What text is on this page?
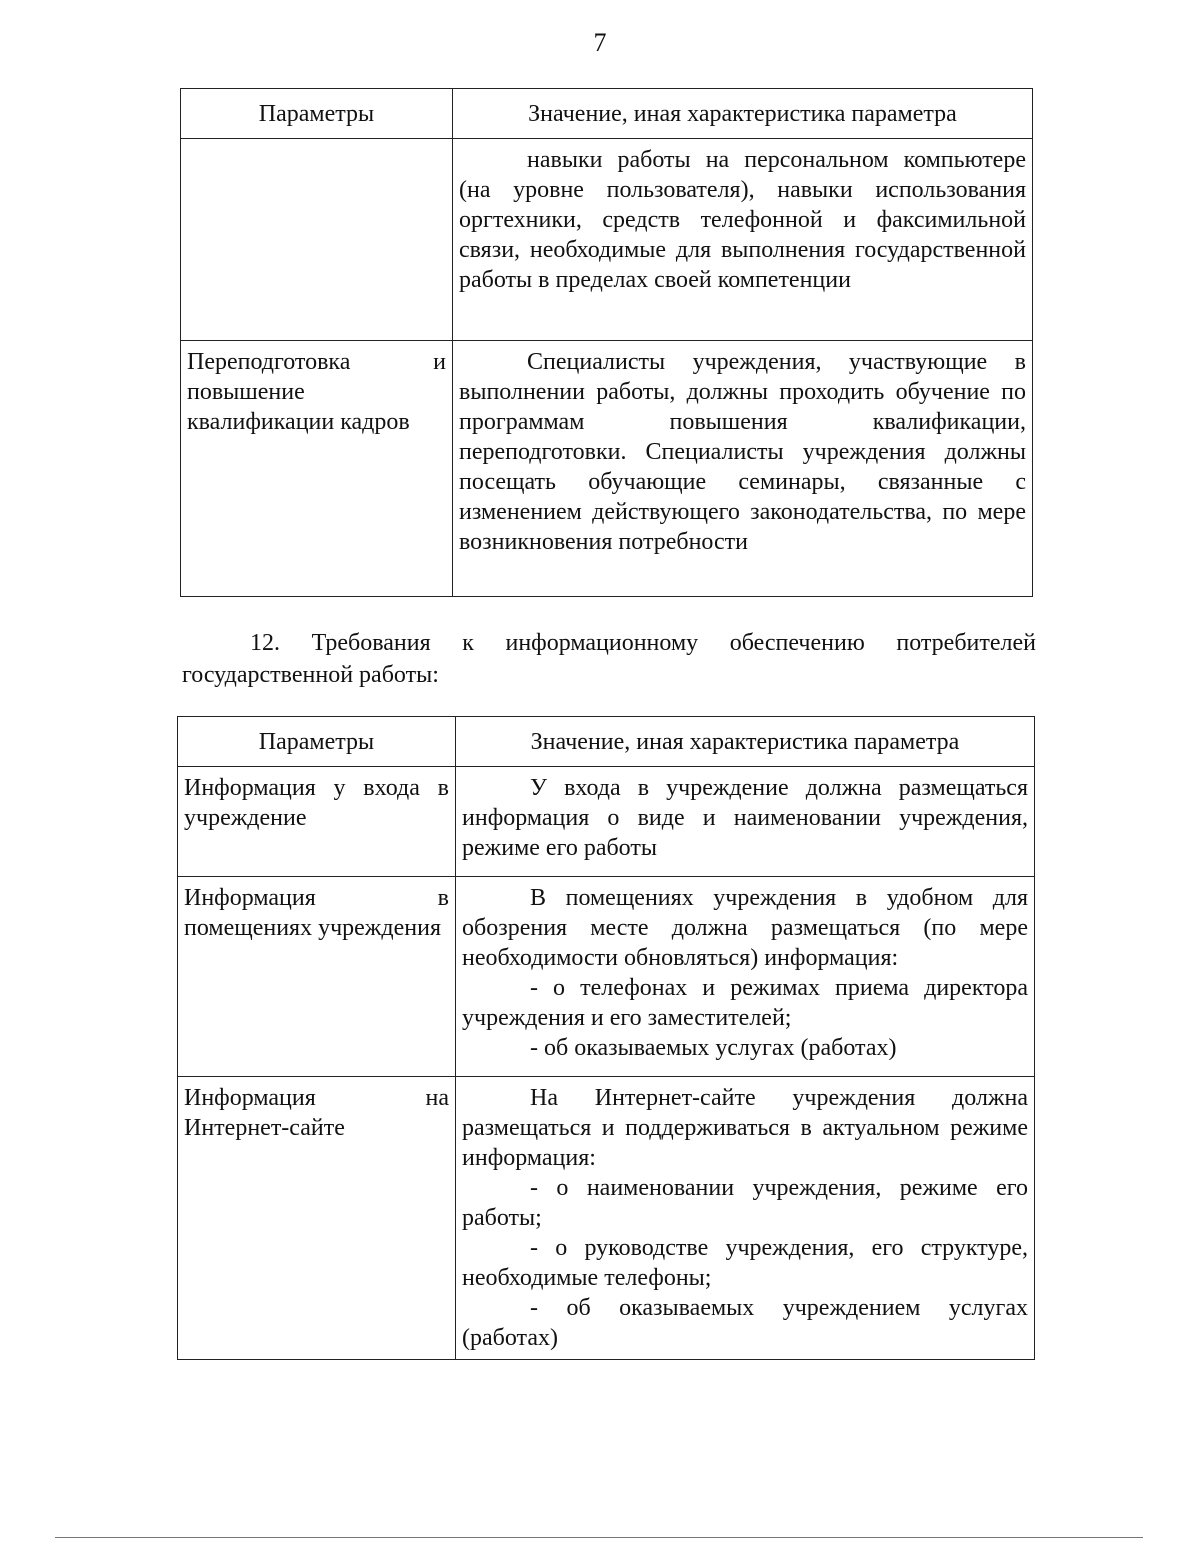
7
Параметры	Значение, иная характеристика параметра

	навыки работы на персональном компьютере (на уровне пользователя), навыки использования оргтехники, средств телефонной и факсимильной связи, необходимые для выполнения государственной работы в пределах своей компетенции

Переподготовка и повышение квалификации кадров	Специалисты учреждения, участвующие в выполнении работы, должны проходить обучение по программам повышения квалификации, переподготовки. Специалисты учреждения должны посещать обучающие семинары, связанные с изменением действующего законодательства, по мере возникновения потребности

12. Требования к информационному обеспечению потребителей государственной работы:
Параметры	Значение, иная характеристика параметра
Информация у входа в учреждение	У входа в учреждение должна размещаться информация о виде и наименовании учреждения, режиме его работы

Информация в помещениях учреждения	В помещениях учреждения в удобном для обозрения месте должна размещаться (по мере необходимости обновляться) информация:

- о телефонах и режимах приема директора учреждения и его заместителей;

- об оказываемых услугах (работах)

Информация на Интернет-сайте	На Интернет-сайте учреждения должна размещаться и поддерживаться в актуальном режиме информация:

- о наименовании учреждения, режиме его работы;

- о руководстве учреждения, его структуре, необходимые телефоны;

- об оказываемых учреждением услугах (работах)
